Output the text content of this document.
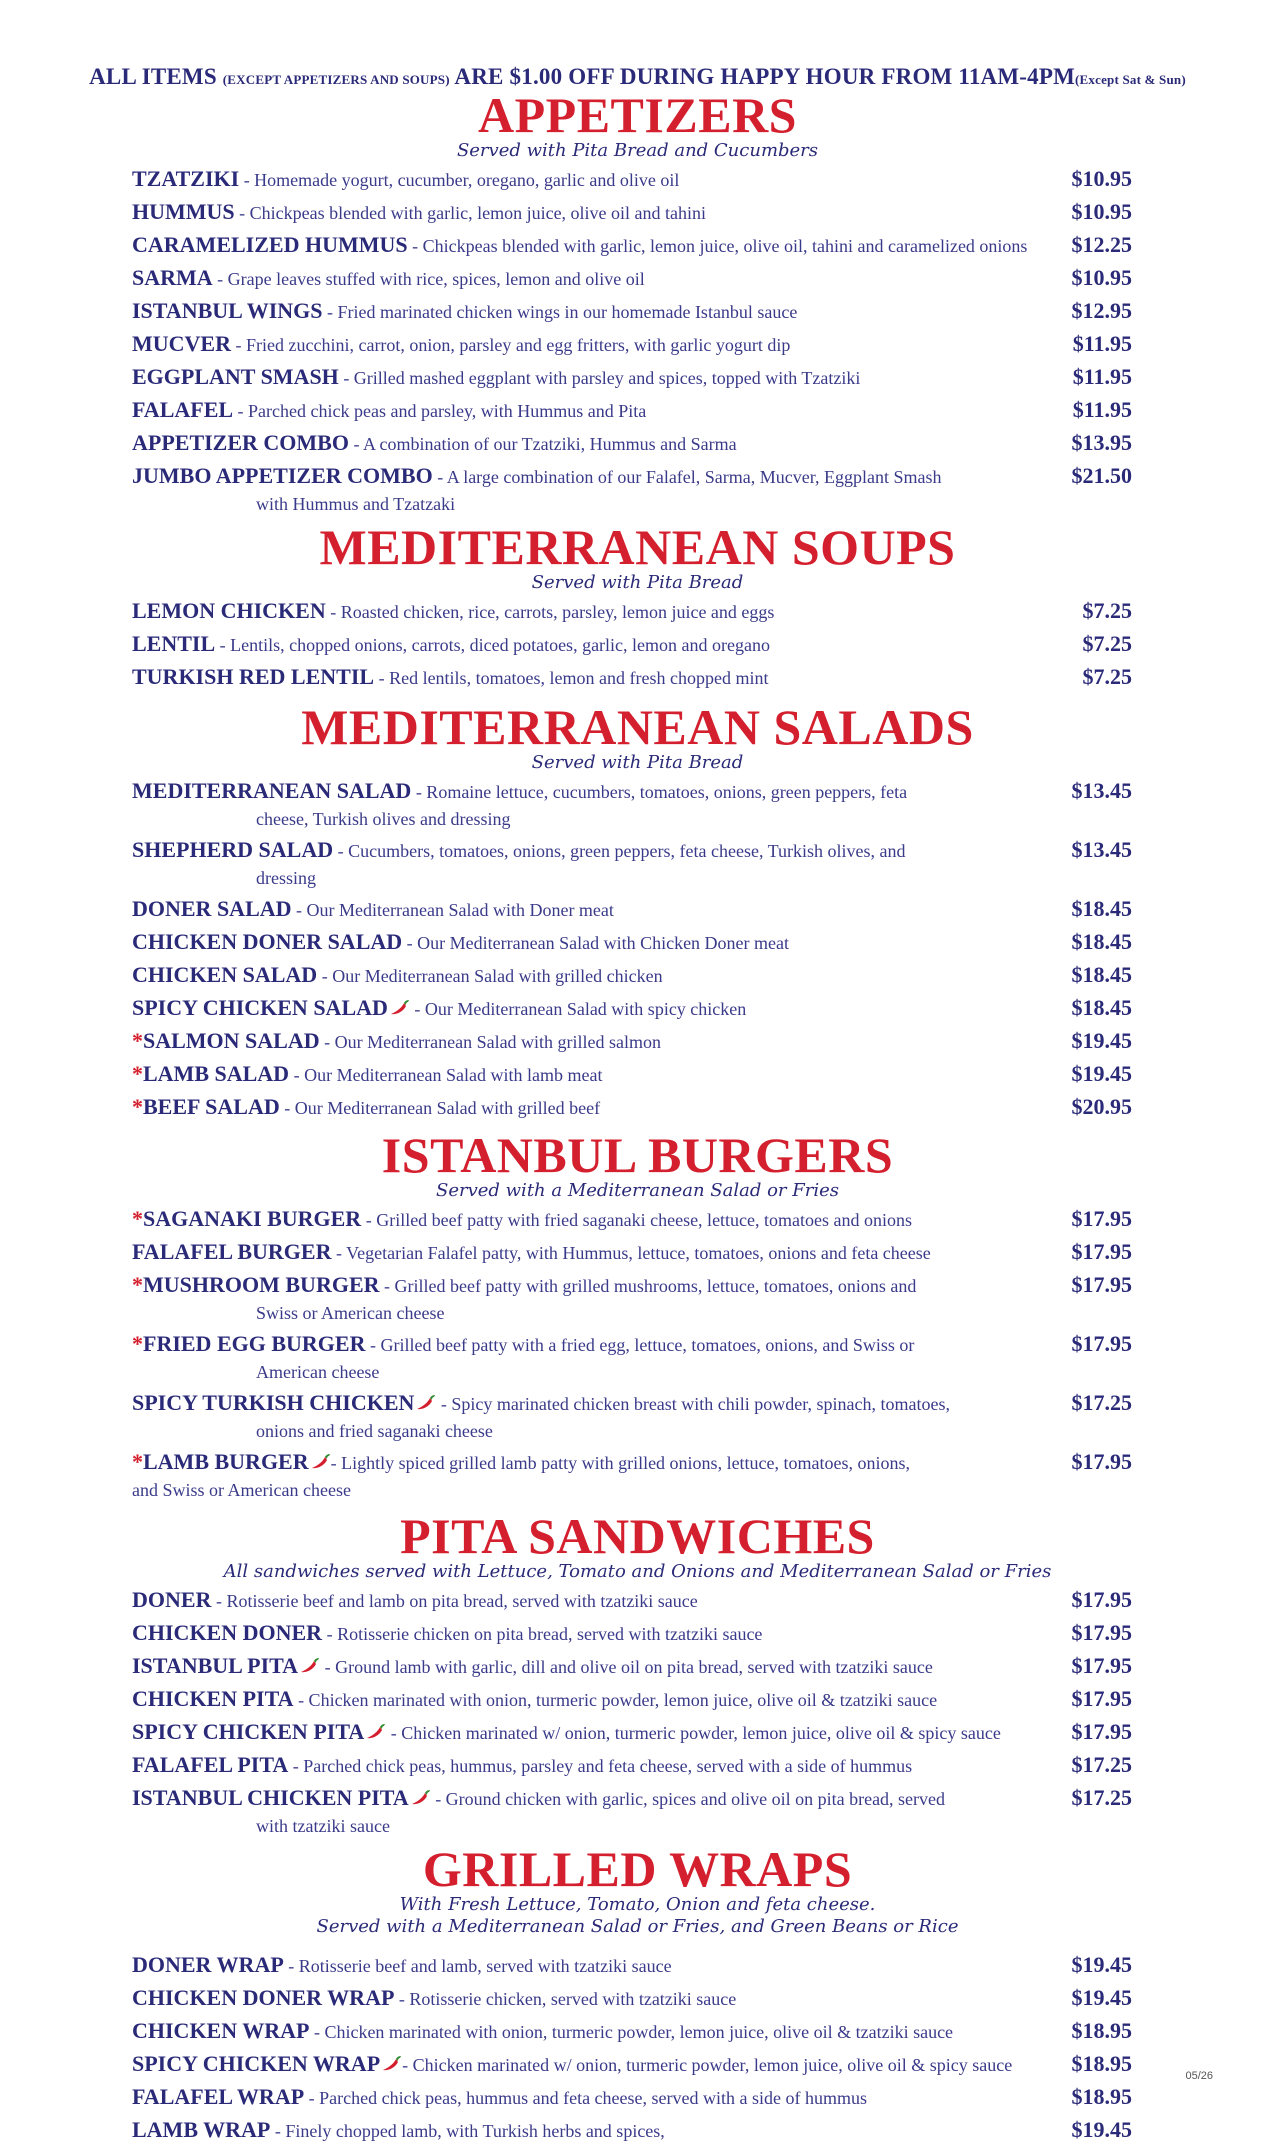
ALL ITEMS (EXCEPT APPETIZERS AND SOUPS) ARE $1.00 OFF DURING HAPPY HOUR FROM 11AM-4PM(Except Sat & Sun)
APPETIZERS
Served with Pita Bread and Cucumbers
TZATZIKI - Homemade yogurt, cucumber, oregano, garlic and olive oil	$10.95
HUMMUS - Chickpeas blended with garlic, lemon juice, olive oil and tahini	$10.95
CARAMELIZED HUMMUS - Chickpeas blended with garlic, lemon juice, olive oil, tahini and caramelized onions	$12.25
SARMA - Grape leaves stuffed with rice, spices, lemon and olive oil	$10.95
ISTANBUL WINGS - Fried marinated chicken wings in our homemade Istanbul sauce	$12.95
MUCVER - Fried zucchini, carrot, onion, parsley and egg fritters, with garlic yogurt dip	$11.95
EGGPLANT SMASH - Grilled mashed eggplant with parsley and spices, topped with Tzatziki	$11.95
FALAFEL - Parched chick peas and parsley, with Hummus and Pita	$11.95
APPETIZER COMBO - A combination of our Tzatziki, Hummus and Sarma	$13.95
JUMBO APPETIZER COMBO - A large combination of our Falafel, Sarma, Mucver, Eggplant Smash
with Hummus and Tzatzaki
$21.50
MEDITERRANEAN SOUPS
Served with Pita Bread
LEMON CHICKEN - Roasted chicken, rice, carrots, parsley, lemon juice and eggs	$7.25
LENTIL - Lentils, chopped onions, carrots, diced potatoes, garlic, lemon and oregano	$7.25
TURKISH RED LENTIL - Red lentils, tomatoes, lemon and fresh chopped mint	$7.25
MEDITERRANEAN SALADS
Served with Pita Bread
MEDITERRANEAN SALAD - Romaine lettuce, cucumbers, tomatoes, onions, green peppers, feta
cheese, Turkish olives and dressing
$13.45
SHEPHERD SALAD - Cucumbers, tomatoes, onions, green peppers, feta cheese, Turkish olives, and
dressing
$13.45
DONER SALAD - Our Mediterranean Salad with Doner meat	$18.45
CHICKEN DONER SALAD - Our Mediterranean Salad with Chicken Doner meat	$18.45
CHICKEN SALAD - Our Mediterranean Salad with grilled chicken	$18.45
SPICY CHICKEN SALAD - Our Mediterranean Salad with spicy chicken	$18.45
*SALMON SALAD - Our Mediterranean Salad with grilled salmon	$19.45
*LAMB SALAD - Our Mediterranean Salad with lamb meat	$19.45
*BEEF SALAD - Our Mediterranean Salad with grilled beef	$20.95
ISTANBUL BURGERS
Served with a Mediterranean Salad or Fries
*SAGANAKI BURGER - Grilled beef patty with fried saganaki cheese, lettuce, tomatoes and onions	$17.95
FALAFEL BURGER - Vegetarian Falafel patty, with Hummus, lettuce, tomatoes, onions and feta cheese	$17.95
*MUSHROOM BURGER - Grilled beef patty with grilled mushrooms, lettuce, tomatoes, onions and
Swiss or American cheese
$17.95
*FRIED EGG BURGER - Grilled beef patty with a fried egg, lettuce, tomatoes, onions, and Swiss or
American cheese
$17.95
SPICY TURKISH CHICKEN - Spicy marinated chicken breast with chili powder, spinach, tomatoes,
onions and fried saganaki cheese
$17.25
*LAMB BURGER - Lightly spiced grilled lamb patty with grilled onions, lettuce, tomatoes, onions,
and Swiss or American cheese
$17.95
PITA SANDWICHES
All sandwiches served with Lettuce, Tomato and Onions and Mediterranean Salad or Fries
DONER - Rotisserie beef and lamb on pita bread, served with tzatziki sauce	$17.95
CHICKEN DONER - Rotisserie chicken on pita bread, served with tzatziki sauce	$17.95
ISTANBUL PITA - Ground lamb with garlic, dill and olive oil on pita bread, served with tzatziki sauce	$17.95
CHICKEN PITA - Chicken marinated with onion, turmeric powder, lemon juice, olive oil & tzatziki sauce	$17.95
SPICY CHICKEN PITA - Chicken marinated w/ onion, turmeric powder, lemon juice, olive oil & spicy sauce	$17.95
FALAFEL PITA - Parched chick peas, hummus, parsley and feta cheese, served with a side of hummus	$17.25
ISTANBUL CHICKEN PITA - Ground chicken with garlic, spices and olive oil on pita bread, served
with tzatziki sauce
$17.25
GRILLED WRAPS
With Fresh Lettuce, Tomato, Onion and feta cheese.
Served with a Mediterranean Salad or Fries, and Green Beans or Rice
DONER WRAP - Rotisserie beef and lamb, served with tzatziki sauce	$19.45
CHICKEN DONER WRAP - Rotisserie chicken, served with tzatziki sauce	$19.45
CHICKEN WRAP - Chicken marinated with onion, turmeric powder, lemon juice, olive oil & tzatziki sauce	$18.95
SPICY CHICKEN WRAP - Chicken marinated w/ onion, turmeric powder, lemon juice, olive oil & spicy sauce	$18.95
FALAFEL WRAP - Parched chick peas, hummus and feta cheese, served with a side of hummus	$18.95
LAMB WRAP - Finely chopped lamb, with Turkish herbs and spices,	$19.45
05/26
